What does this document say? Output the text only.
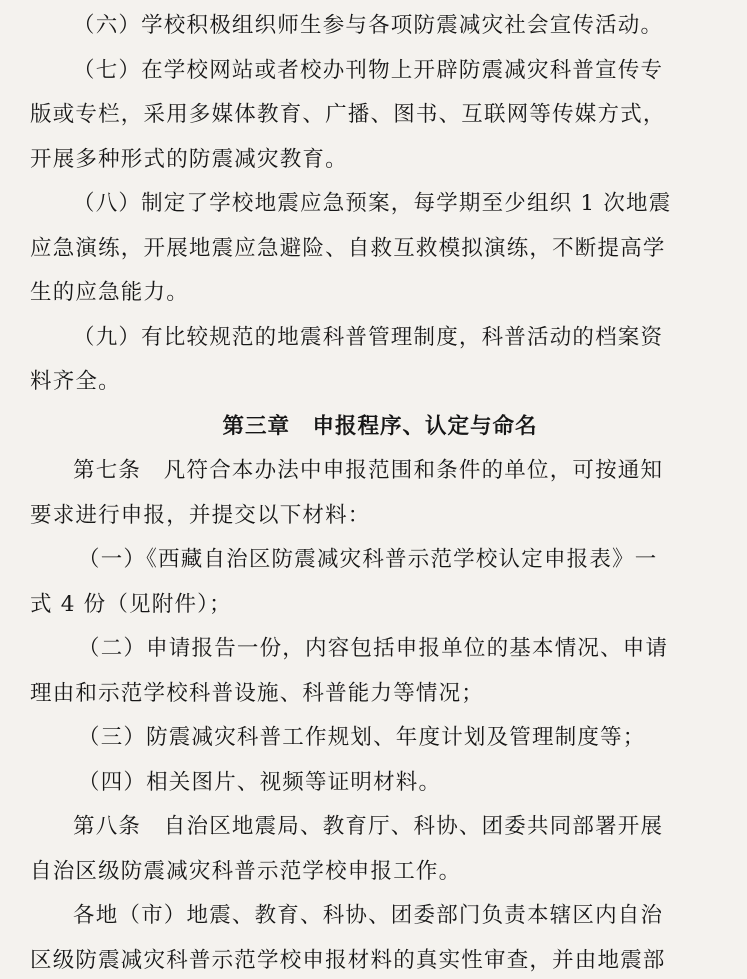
（六）学校积极组织师生参与各项防震减灾社会宣传活动。

（七）在学校网站或者校办刊物上开辟防震减灾科普宣传专

版或专栏，采用多媒体教育、广播、图书、互联网等传媒方式，

开展多种形式的防震减灾教育。

（八）制定了学校地震应急预案，每学期至少组织 1 次地震

应急演练，开展地震应急避险、自救互救模拟演练，不断提高学

生的应急能力。

（九）有比较规范的地震科普管理制度，科普活动的档案资

料齐全。

第三章　申报程序、认定与命名

第七条　凡符合本办法中申报范围和条件的单位，可按通知

要求进行申报，并提交以下材料：

（一）《西藏自治区防震减灾科普示范学校认定申报表》一

式 4 份（见附件）；

（二）申请报告一份，内容包括申报单位的基本情况、申请

理由和示范学校科普设施、科普能力等情况；

（三）防震减灾科普工作规划、年度计划及管理制度等；

（四）相关图片、视频等证明材料。

第八条　自治区地震局、教育厅、科协、团委共同部署开展

自治区级防震减灾科普示范学校申报工作。

各地（市）地震、教育、科协、团委部门负责本辖区内自治

区级防震减灾科普示范学校申报材料的真实性审查，并由地震部
